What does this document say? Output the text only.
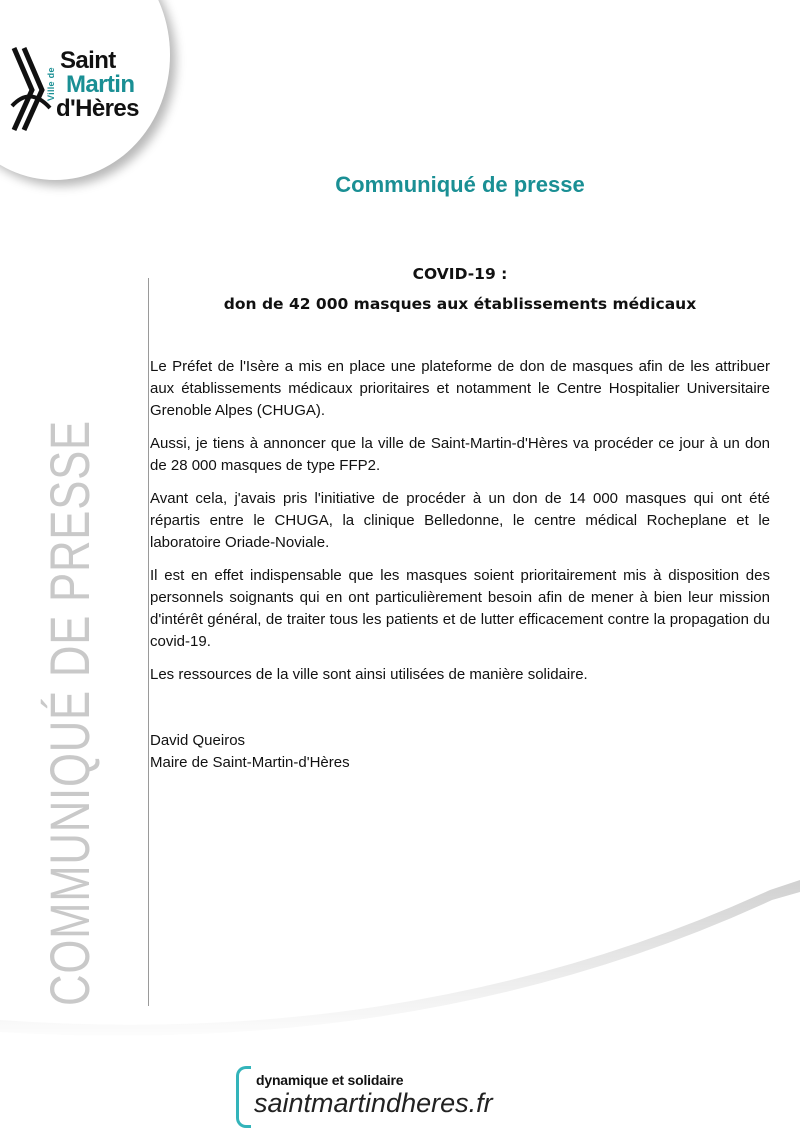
Ville de
Saint
Martin
d'Hères
Communiqué de presse
COMMUNIQUÉ DE PRESSE
COVID-19 :
don de 42 000 masques aux établissements médicaux

Le Préfet de l'Isère a mis en place une plateforme de don de masques afin de les attribuer aux établissements médicaux prioritaires et notamment le Centre Hospitalier Universitaire Grenoble Alpes (CHUGA).

Aussi, je tiens à annoncer que la ville de Saint-Martin-d'Hères va procéder ce jour à un don de 28 000 masques de type FFP2.

Avant cela, j'avais pris l'initiative de procéder à un don de 14 000 masques qui ont été répartis entre le CHUGA, la clinique Belledonne, le centre médical Rocheplane et le laboratoire Oriade-Noviale.

Il est en effet indispensable que les masques soient prioritairement mis à disposition des personnels soignants qui en ont particulièrement besoin afin de mener à bien leur mission d'intérêt général, de traiter tous les patients et de lutter efficacement contre la propagation du covid-19.

Les ressources de la ville sont ainsi utilisées de manière solidaire.

David Queiros
Maire de Saint-Martin-d'Hères
dynamique et solidaire
saintmartindheres.fr
